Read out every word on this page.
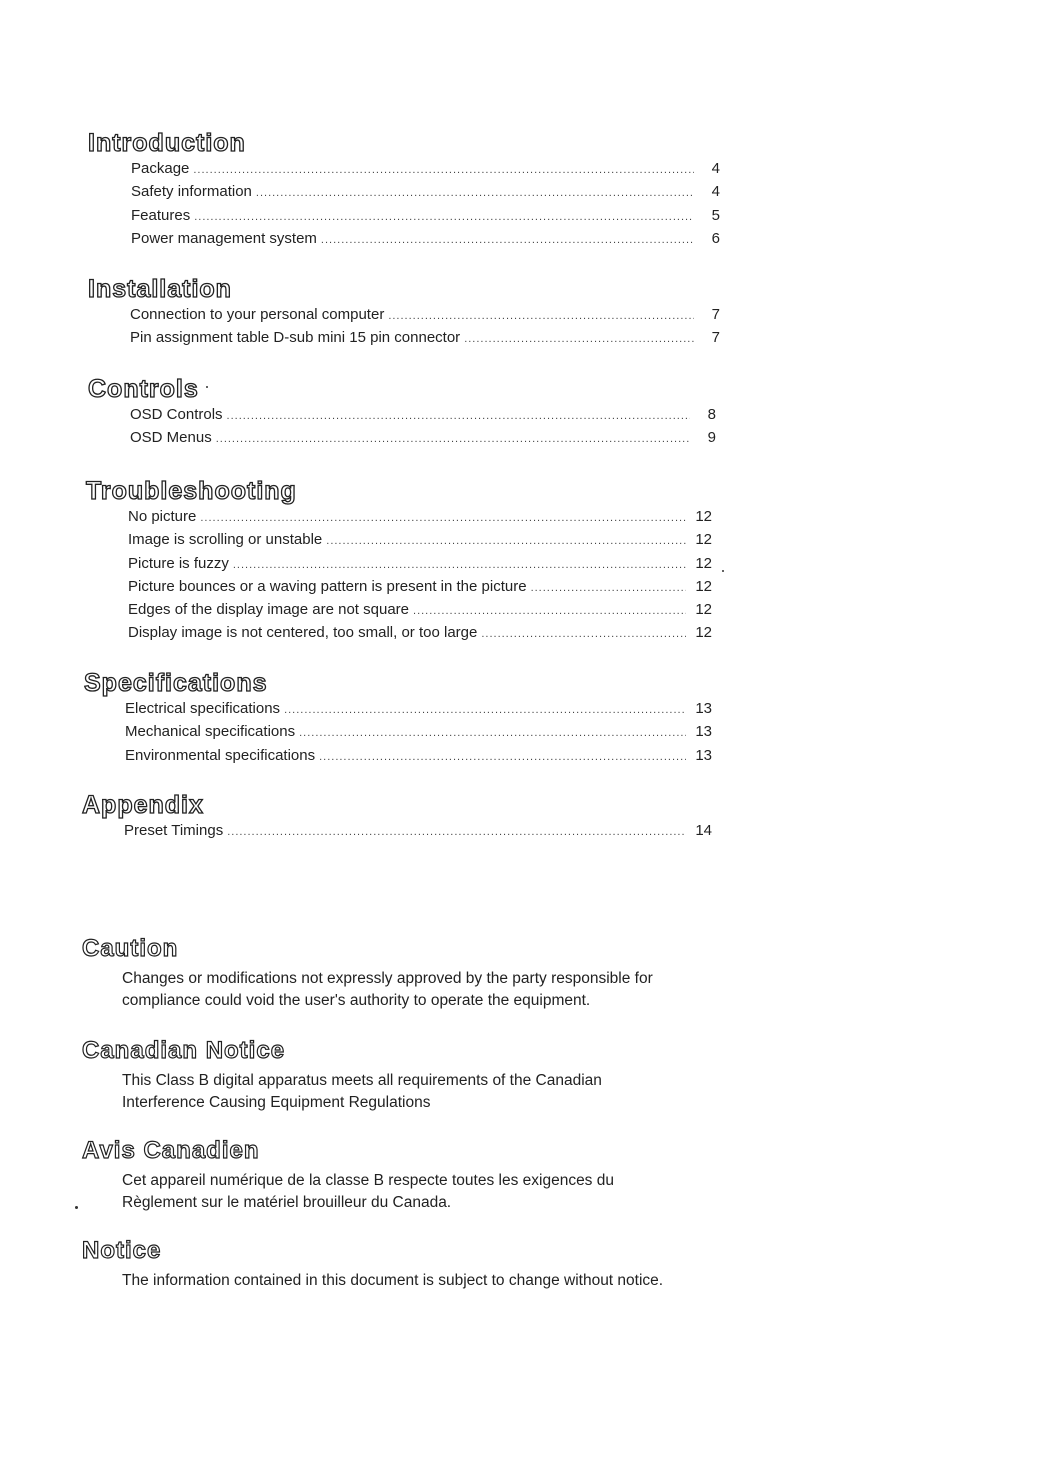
Introduction
Package .....	4
Safety information .....	4
Features .....	5
Power management system .....	6
Installation
Connection to your personal computer .....	7
Pin assignment table D-sub mini 15 pin connector .....	7
Controls
OSD Controls .....	8
OSD Menus .....	9
Troubleshooting
No picture .....	12
Image is scrolling or unstable .....	12
Picture is fuzzy .....	12
Picture bounces or a waving pattern is present in the picture .....	12
Edges of the display image are not square .....	12
Display image is not centered, too small, or too large .....	12
Specifications
Electrical specifications .....	13
Mechanical specifications .....	13
Environmental specifications .....	13
Appendix
Preset Timings .....	14
Caution

Changes or modifications not expressly approved by the party responsible for

compliance could void the user's authority to operate the equipment.

Canadian Notice

This Class B digital apparatus meets all requirements of the Canadian

Interference Causing Equipment Regulations

Avis Canadien

Cet appareil numérique de la classe B respecte toutes les exigences du

Règlement sur le matériel brouilleur du Canada.

Notice

The information contained in this document is subject to change without notice.
